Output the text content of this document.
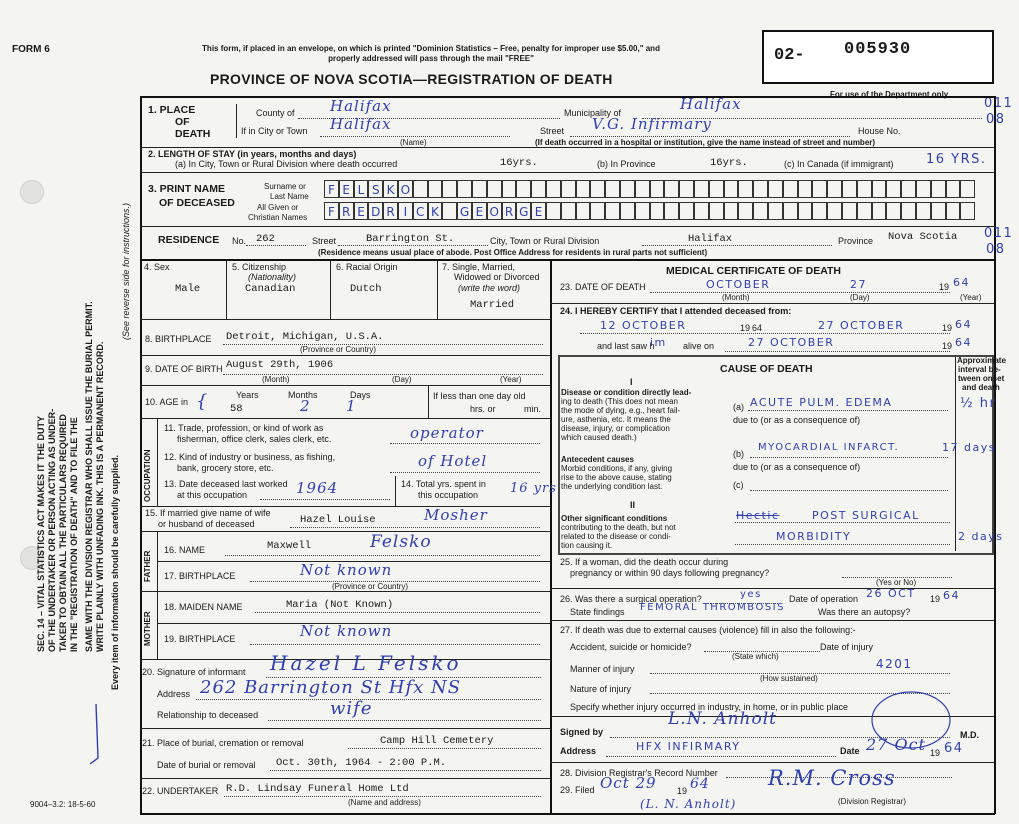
FORM 6	This form, if placed in an envelope, on which is printed "Dominion Statistics – Free, penalty for improper use $5.00," and properly addressed will pass through the mail "FREE"
PROVINCE OF NOVA SCOTIA—REGISTRATION OF DEATH
02- 005930
For use of the Department only
011
08
SEC. 14 – VITAL STATISTICS ACT MAKES IT THE DUTY OF THE UNDERTAKER OR PERSON ACTING AS UNDER- TAKER TO OBTAIN ALL THE PARTICULARS REQUIRED IN THE "REGISTRATION OF DEATH" AND TO FILE THE SAME WITH THE DIVISION REGISTRAR WHO SHALL ISSUE THE BURIAL PERMIT. WRITE PLAINLY WITH UNFADING INK. THIS IS A PERMANENT RECORD. Every item of information should be carefully supplied.
(See reverse side for instructions.)
1. PLACE
OF
DEATH
County of Halifax	Municipality of	Halifax
If in City or Town Halifax
(Name)
Street V.G. Infirmary	House No.
(If death occurred in a hospital or institution, give the name instead of street and number)
2. LENGTH OF STAY (in years, months and days)
(a) In City, Town or Rural Division where death occurred	16yrs.	(b) In Province	16yrs.	(c) In Canada (if immigrant) 16 YRS.
3. PRINT NAME
OF DECEASED
Surname or
Last Name
All Given or
Christian Names
F E L S K O
F R E D R I C K G E O R G E
RESIDENCE No. 262	Street	Barrington St.	City, Town or Rural Division	Halifax	Province Nova Scotia 011
08
(Residence means usual place of abode. Post Office Address for residents in rural parts not sufficient)
4. Sex
Male
5. Citizenship
(Nationality)
Canadian
6. Racial Origin
Dutch
7. Single, Married,
Widowed or Divorced
(write the word)
Married
8. BIRTHPLACE Detroit, Michigan, U.S.A.
(Province or Country)
9. DATE OF BIRTH August 29th, 1906
(Month)	(Day)	(Year)
10. AGE in {	Years
58
Months
2
Days
1
If less than one day old
hrs. or	min.
OCCUPATION
11. Trade, profession, or kind of work as
fisherman, office clerk, sales clerk, etc.	operator
12. Kind of industry or business, as fishing,
bank, grocery store, etc.	of Hotel
13. Date deceased last worked
at this occupation	1964	14. Total yrs. spent in
this occupation 16 yrs
15. If married give name of wife
or husband of deceased	Hazel Louise	Mosher
FATHER
16. NAME	Maxwell	Felsko
17. BIRTHPLACE	Not known
(Province or Country)
MOTHER
18. MAIDEN NAME	Maria (Not Known)
19. BIRTHPLACE	Not known
20. Signature of informant Hazel L Felsko
Address 262 Barrington St Hfx NS
wife
Relationship to deceased
21. Place of burial, cremation or removal	Camp Hill Cemetery
Date of burial or removal Oct. 30th, 1964 - 2:00 P.M.
22. UNDERTAKER R.D. Lindsay Funeral Home Ltd
(Name and address)
9004–3.2: 18-5-60
MEDICAL CERTIFICATE OF DEATH
23. DATE OF DEATH	OCTOBER	27	19 64
(Month)	(Day)	(Year)
24. I HEREBY CERTIFY that I attended deceased from:
12 OCTOBER	19 64	27 OCTOBER	19 64
and last saw h
im alive on	27 OCTOBER	19 64
CAUSE OF DEATH
Approximate
interval be-
tween onset
and death
I
Disease or condition directly lead-
ing to death (This does not mean
the mode of dying, e.g., heart fail-
ure, asthenia, etc. It means the
disease, injury, or complication
which caused death.)
(a) ACUTE PULM. EDEMA	½ hr
due to (or as a consequence of)
Antecedent causes
Morbid conditions, if any, giving
rise to the above cause, stating
the underlying condition last.
(b)
MYOCARDIAL INFARCT.	17 days
due to (or as a consequence of)
(c)
II
Other significant conditions
contributing to the death, but not
related to the disease or condi-
tion causing it.
Hectic	POST SURGICAL
MORBIDITY	2 days
25. If a woman, did the death occur during
pregnancy or within 90 days following pregnancy?
(Yes or No)
26. Was there a surgical operation?	yes	Date of operation 26 OCT 19 64
State findings FEMORAL THROMBOSIS	Was there an autopsy?
27. If death was due to external causes (violence) fill in also the following:-
Accident, suicide or homicide?
(State which)
Date of injury
Manner of injury	4201
(How sustained)
Nature of injury
Specify whether injury occurred in industry, in home, or in public place
Signed by
L.N. Anholt
M.D.
Address	HFX INFIRMARY	Date 27 Oct 19 64
28. Division Registrar's Record Number
29. Filed Oct 29 19 64	R.M. Cross
(Division Registrar)
(L. N. Anholt)
